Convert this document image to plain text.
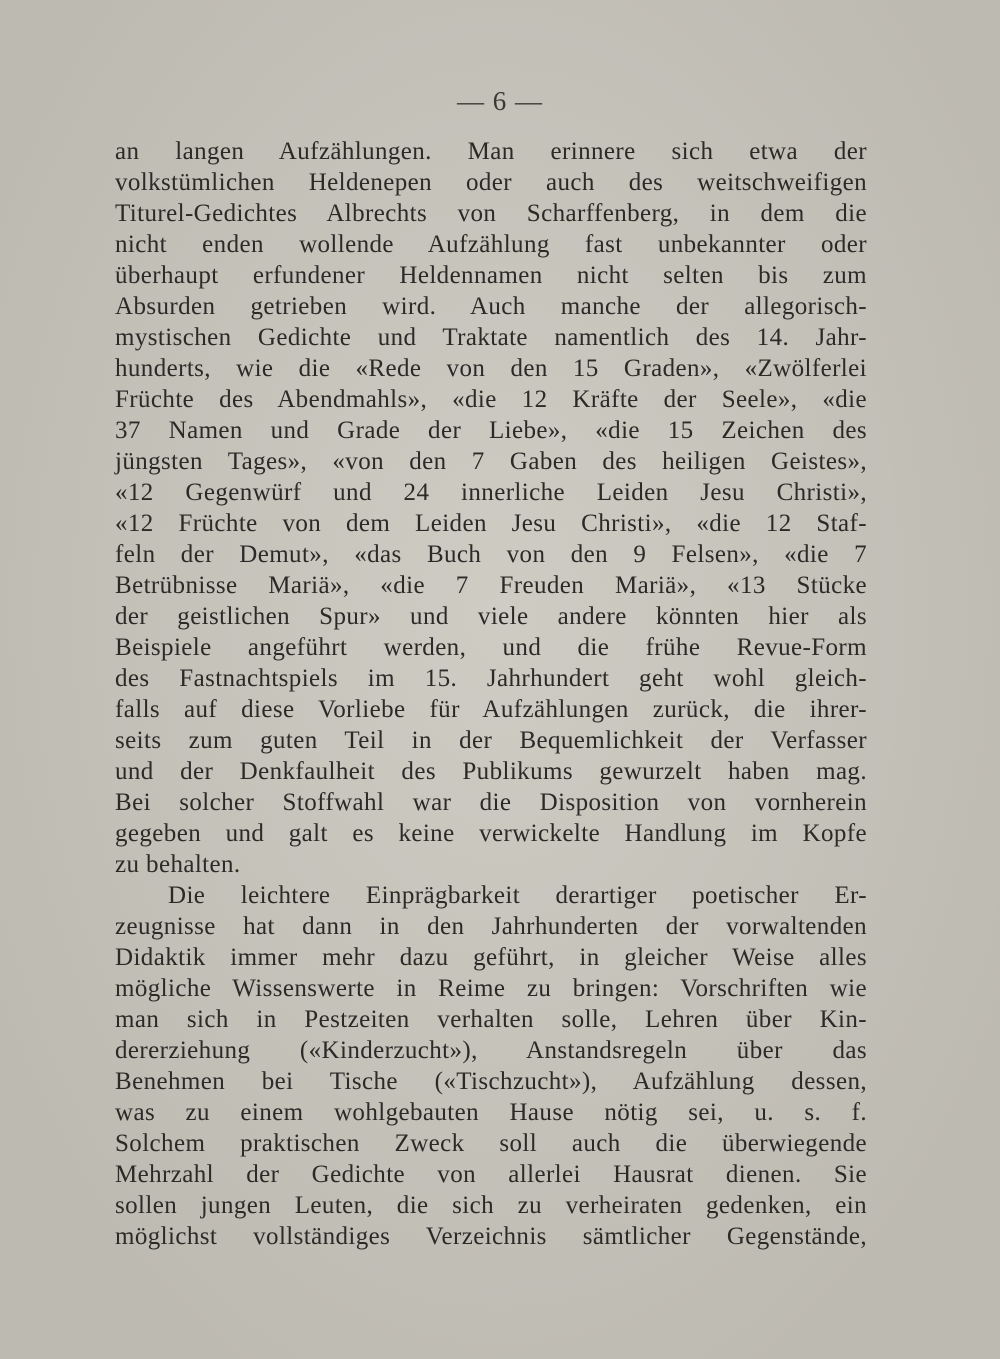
— 6 —
an langen Aufzählungen. Man erinnere sich etwa der
volkstümlichen Heldenepen oder auch des weitschweifigen
Titurel-Gedichtes Albrechts von Scharffenberg, in dem die
nicht enden wollende Aufzählung fast unbekannter oder
überhaupt erfundener Heldennamen nicht selten bis zum
Absurden getrieben wird. Auch manche der allegorisch-
mystischen Gedichte und Traktate namentlich des 14. Jahr-
hunderts, wie die «Rede von den 15 Graden», «Zwölferlei
Früchte des Abendmahls», «die 12 Kräfte der Seele», «die
37 Namen und Grade der Liebe», «die 15 Zeichen des
jüngsten Tages», «von den 7 Gaben des heiligen Geistes»,
«12 Gegenwürf und 24 innerliche Leiden Jesu Christi»,
«12 Früchte von dem Leiden Jesu Christi», «die 12 Staf-
feln der Demut», «das Buch von den 9 Felsen», «die 7
Betrübnisse Mariä», «die 7 Freuden Mariä», «13 Stücke
der geistlichen Spur» und viele andere könnten hier als
Beispiele angeführt werden, und die frühe Revue-Form
des Fastnachtspiels im 15. Jahrhundert geht wohl gleich-
falls auf diese Vorliebe für Aufzählungen zurück, die ihrer-
seits zum guten Teil in der Bequemlichkeit der Verfasser
und der Denkfaulheit des Publikums gewurzelt haben mag.
Bei solcher Stoffwahl war die Disposition von vornherein
gegeben und galt es keine verwickelte Handlung im Kopfe
zu behalten.
Die leichtere Einprägbarkeit derartiger poetischer Er-
zeugnisse hat dann in den Jahrhunderten der vorwaltenden
Didaktik immer mehr dazu geführt, in gleicher Weise alles
mögliche Wissenswerte in Reime zu bringen: Vorschriften wie
man sich in Pestzeiten verhalten solle, Lehren über Kin-
dererziehung («Kinderzucht»), Anstandsregeln über das
Benehmen bei Tische («Tischzucht»), Aufzählung dessen,
was zu einem wohlgebauten Hause nötig sei, u. s. f.
Solchem praktischen Zweck soll auch die überwiegende
Mehrzahl der Gedichte von allerlei Hausrat dienen. Sie
sollen jungen Leuten, die sich zu verheiraten gedenken, ein
möglichst vollständiges Verzeichnis sämtlicher Gegenstände,
